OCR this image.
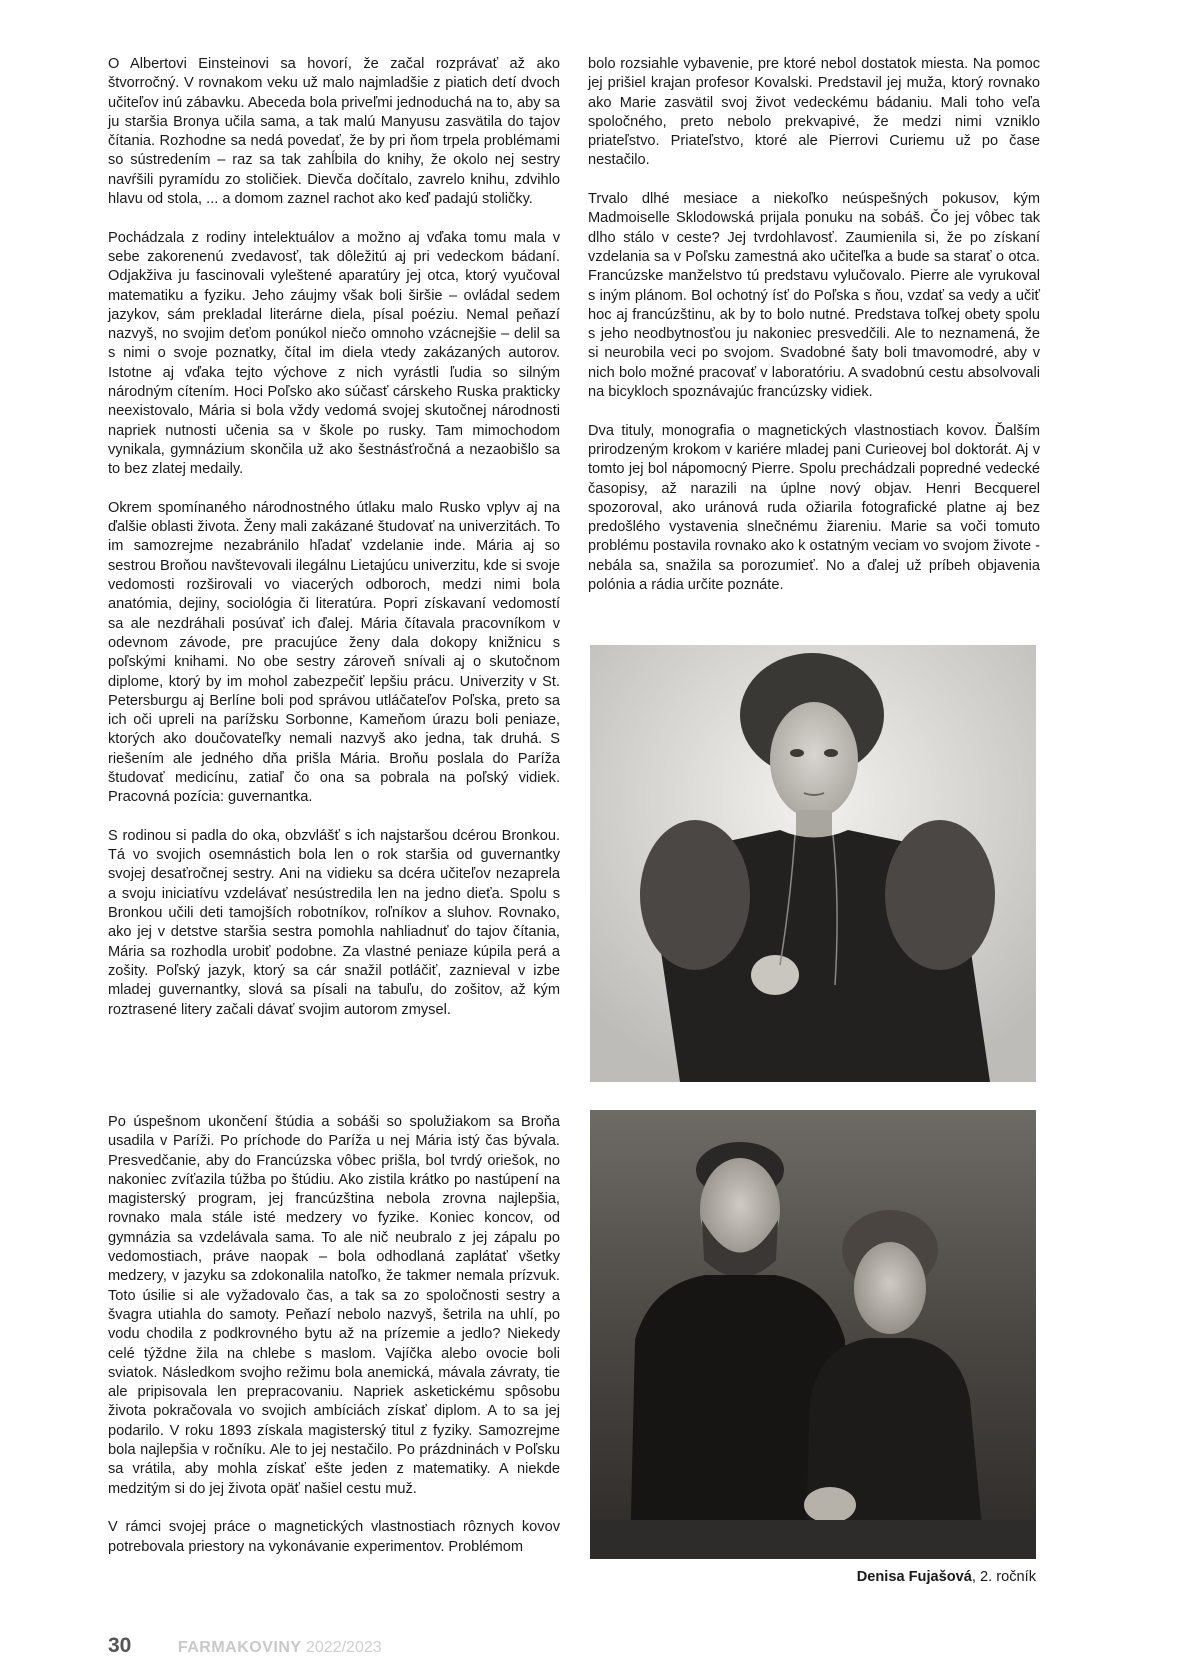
O Albertovi Einsteinovi sa hovorí, že začal rozprávať až ako štvorročný. V rovnakom veku už malo najmladšie z piatich detí dvoch učiteľov inú zábavku. Abeceda bola priveľmi jednoduchá na to, aby sa ju staršia Bronya učila sama, a tak malú Manyusu zasvätila do tajov čítania. Rozhodne sa nedá povedať, že by pri ňom trpela problémami so sústredením – raz sa tak zahĺbila do knihy, že okolo nej sestry navŕšili pyramídu zo stoličiek. Dievča dočítalo, zavrelo knihu, zdvihlo hlavu od stola, ... a domom zaznel rachot ako keď padajú stoličky.

Pochádzala z rodiny intelektuálov a možno aj vďaka tomu mala v sebe zakorenenú zvedavosť, tak dôležitú aj pri vedeckom bádaní. Odjakživa ju fascinovali vyleštené aparatúry jej otca, ktorý vyučoval matematiku a fyziku. Jeho záujmy však boli širšie – ovládal sedem jazykov, sám prekladal literárne diela, písal poéziu. Nemal peňazí nazvyš, no svojim deťom ponúkol niečo omnoho vzácnejšie – delil sa s nimi o svoje poznatky, čítal im diela vtedy zakázaných autorov. Istotne aj vďaka tejto výchove z nich vyrástli ľudia so silným národným cítením. Hoci Poľsko ako súčasť cárskeho Ruska prakticky neexistovalo, Mária si bola vždy vedomá svojej skutočnej národnosti napriek nutnosti učenia sa v škole po rusky. Tam mimochodom vynikala, gymnázium skončila už ako šestnásťročná a nezaobišlo sa to bez zlatej medaily.

Okrem spomínaného národnostného útlaku malo Rusko vplyv aj na ďalšie oblasti života. Ženy mali zakázané študovať na univerzitách. To im samozrejme nezabránilo hľadať vzdelanie inde. Mária aj so sestrou Broňou navštevovali ilegálnu Lietajúcu univerzitu, kde si svoje vedomosti rozširovali vo viacerých odboroch, medzi nimi bola anatómia, dejiny, sociológia či literatúra. Popri získavaní vedomostí sa ale nezdráhali posúvať ich ďalej. Mária čítavala pracovníkom v odevnom závode, pre pracujúce ženy dala dokopy knižnicu s poľskými knihami. No obe sestry zároveň snívali aj o skutočnom diplome, ktorý by im mohol zabezpečiť lepšiu prácu. Univerzity v St. Petersburgu aj Berlíne boli pod správou utláčateľov Poľska, preto sa ich oči upreli na parížsku Sorbonne, Kameňom úrazu boli peniaze, ktorých ako doučovateľky nemali nazvyš ako jedna, tak druhá. S riešením ale jedného dňa prišla Mária. Broňu poslala do Paríža študovať medicínu, zatiaľ čo ona sa pobrala na poľský vidiek. Pracovná pozícia: guvernantka.

S rodinou si padla do oka, obzvlášť s ich najstaršou dcérou Bronkou. Tá vo svojich osemnástich bola len o rok staršia od guvernantky svojej desaťročnej sestry. Ani na vidieku sa dcéra učiteľov nezaprela a svoju iniciatívu vzdelávať nesústredila len na jedno dieťa. Spolu s Bronkou učili deti tamojších robotníkov, roľníkov a sluhov. Rovnako, ako jej v detstve staršia sestra pomohla nahliadnuť do tajov čítania, Mária sa rozhodla urobiť podobne. Za vlastné peniaze kúpila perá a zošity. Poľský jazyk, ktorý sa cár snažil potláčiť, zaznieval v izbe mladej guvernantky, slová sa písali na tabuľu, do zošitov, až kým roztrasené litery začali dávať svojim autorom zmysel.

Po úspešnom ukončení štúdia a sobáši so spolužiakom sa Broňa usadila v Paríži. Po príchode do Paríža u nej Mária istý čas bývala. Presvedčanie, aby do Francúzska vôbec prišla, bol tvrdý oriešok, no nakoniec zvíťazila túžba po štúdiu. Ako zistila krátko po nastúpení na magisterský program, jej francúzština nebola zrovna najlepšia, rovnako mala stále isté medzery vo fyzike. Koniec koncov, od gymnázia sa vzdelávala sama. To ale nič neubralo z jej zápalu po vedomostiach, práve naopak – bola odhodlaná zaplátať všetky medzery, v jazyku sa zdokonalila natoľko, že takmer nemala prízvuk. Toto úsilie si ale vyžadovalo čas, a tak sa zo spoločnosti sestry a švagra utiahla do samoty. Peňazí nebolo nazvyš, šetrila na uhlí, po vodu chodila z podkrovného bytu až na prízemie a jedlo? Niekedy celé týždne žila na chlebe s maslom. Vajíčka alebo ovocie boli sviatok. Následkom svojho režimu bola anemická, mávala závraty, tie ale pripisovala len prepracovaniu. Napriek asketickému spôsobu života pokračovala vo svojich ambíciách získať diplom. A to sa jej podarilo. V roku 1893 získala magisterský titul z fyziky. Samozrejme bola najlepšia v ročníku. Ale to jej nestačilo. Po prázdninách v Poľsku sa vrátila, aby mohla získať ešte jeden z matematiky. A niekde medzitým si do jej života opäť našiel cestu muž.

V rámci svojej práce o magnetických vlastnostiach rôznych kovov potrebovala priestory na vykonávanie experimentov. Problémom

bolo rozsiahle vybavenie, pre ktoré nebol dostatok miesta. Na pomoc jej prišiel krajan profesor Kovalski. Predstavil jej muža, ktorý rovnako ako Marie zasvätil svoj život vedeckému bádaniu. Mali toho veľa spoločného, preto nebolo prekvapivé, že medzi nimi vzniklo priateľstvo. Priateľstvo, ktoré ale Pierrovi Curiemu už po čase nestačilo.

Trvalo dlhé mesiace a niekoľko neúspešných pokusov, kým Madmoiselle Sklodowská prijala ponuku na sobáš. Čo jej vôbec tak dlho stálo v ceste? Jej tvrdohlavosť. Zaumienila si, že po získaní vzdelania sa v Poľsku zamestná ako učiteľka a bude sa starať o otca. Francúzske manželstvo tú predstavu vylučovalo. Pierre ale vyrukoval s iným plánom. Bol ochotný ísť do Poľska s ňou, vzdať sa vedy a učiť hoc aj francúzštinu, ak by to bolo nutné. Predstava toľkej obety spolu s jeho neodbytnosťou ju nakoniec presvedčili. Ale to neznamená, že si neurobila veci po svojom. Svadobné šaty boli tmavomodré, aby v nich bolo možné pracovať v laboratóriu. A svadobnú cestu absolvovali na bicykloch spoznávajúc francúzsky vidiek.

Dva tituly, monografia o magnetických vlastnostiach kovov. Ďalším prirodzeným krokom v kariére mladej pani Curieovej bol doktorát. Aj v tomto jej bol nápomocný Pierre. Spolu prechádzali popredné vedecké časopisy, až narazili na úplne nový objav. Henri Becquerel spozoroval, ako uránová ruda ožiarila fotografické platne aj bez predošlého vystavenia slnečnému žiareniu. Marie sa voči tomuto problému postavila rovnako ako k ostatným veciam vo svojom živote - nebála sa, snažila sa porozumieť. No a ďalej už príbeh objavenia polónia a rádia určite poznáte.

Denisa Fujašová, 2. ročník
30	FARMAKOVINY 2022/2023
